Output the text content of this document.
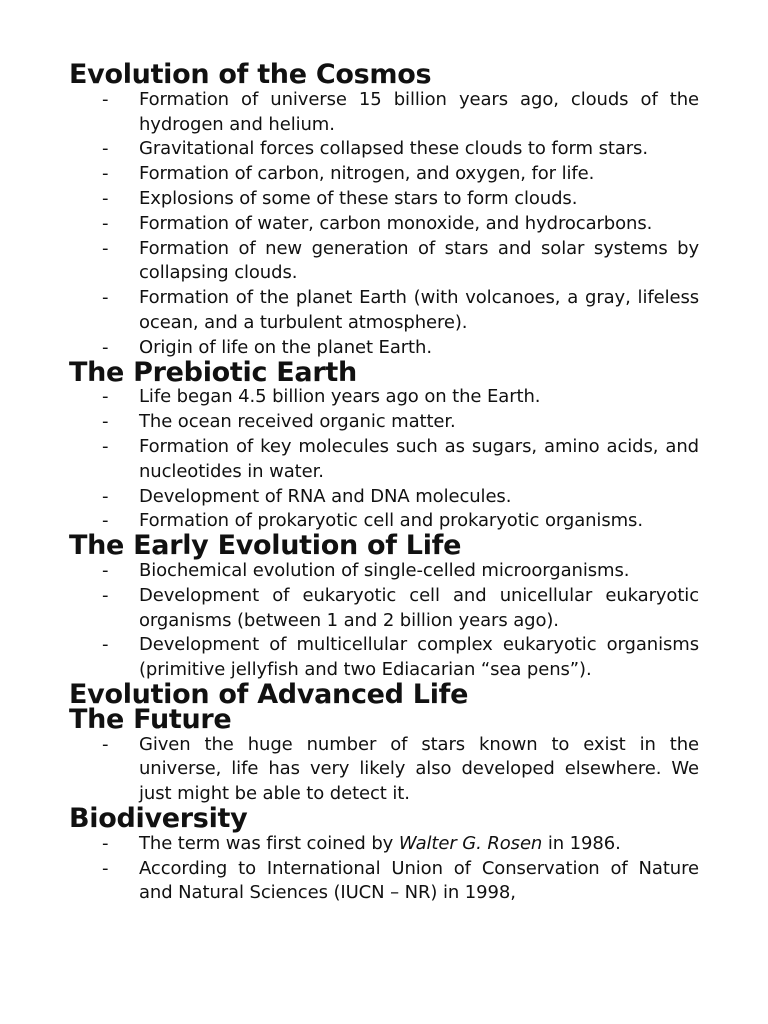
Evolution of the Cosmos
- Formation of universe 15 billion years ago, clouds of the hydrogen and helium.
- Gravitational forces collapsed these clouds to form stars.
- Formation of carbon, nitrogen, and oxygen, for life.
- Explosions of some of these stars to form clouds.
- Formation of water, carbon monoxide, and hydrocarbons.
- Formation of new generation of stars and solar systems by collapsing clouds.
- Formation of the planet Earth (with volcanoes, a gray, lifeless ocean, and a turbulent atmosphere).
- Origin of life on the planet Earth.
The Prebiotic Earth
- Life began 4.5 billion years ago on the Earth.
- The ocean received organic matter.
- Formation of key molecules such as sugars, amino acids, and nucleotides in water.
- Development of RNA and DNA molecules.
- Formation of prokaryotic cell and prokaryotic organisms.
The Early Evolution of Life
- Biochemical evolution of single-celled microorganisms.
- Development of eukaryotic cell and unicellular eukaryotic organisms (between 1 and 2 billion years ago).
- Development of multicellular complex eukaryotic organisms (primitive jellyfish and two Ediacarian “sea pens”).
Evolution of Advanced Life
The Future
- Given the huge number of stars known to exist in the universe, life has very likely also developed elsewhere. We just might be able to detect it.
Biodiversity
- The term was first coined by Walter G. Rosen in 1986.
- According to International Union of Conservation of Nature and Natural Sciences (IUCN – NR) in 1998,
